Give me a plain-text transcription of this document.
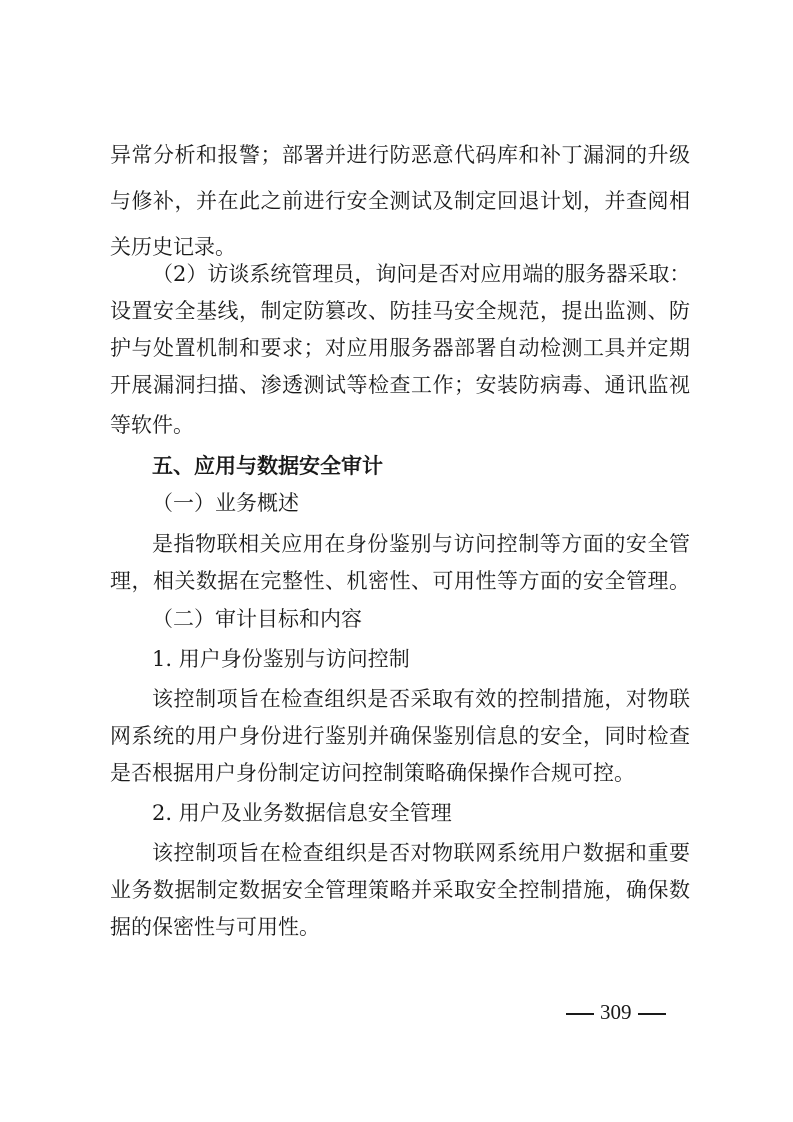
异常分析和报警；部署并进行防恶意代码库和补丁漏洞的升级
与修补，并在此之前进行安全测试及制定回退计划，并查阅相
关历史记录。
（2）访谈系统管理员，询问是否对应用端的服务器采取：
设置安全基线，制定防篡改、防挂马安全规范，提出监测、防
护与处置机制和要求；对应用服务器部署自动检测工具并定期
开展漏洞扫描、渗透测试等检查工作；安装防病毒、通讯监视
等软件。
五、应用与数据安全审计
（一）业务概述
是指物联相关应用在身份鉴别与访问控制等方面的安全管
理，相关数据在完整性、机密性、可用性等方面的安全管理。
（二）审计目标和内容
1. 用户身份鉴别与访问控制
该控制项旨在检查组织是否采取有效的控制措施，对物联
网系统的用户身份进行鉴别并确保鉴别信息的安全，同时检查
是否根据用户身份制定访问控制策略确保操作合规可控。
2. 用户及业务数据信息安全管理
该控制项旨在检查组织是否对物联网系统用户数据和重要
业务数据制定数据安全管理策略并采取安全控制措施，确保数
据的保密性与可用性。
309
